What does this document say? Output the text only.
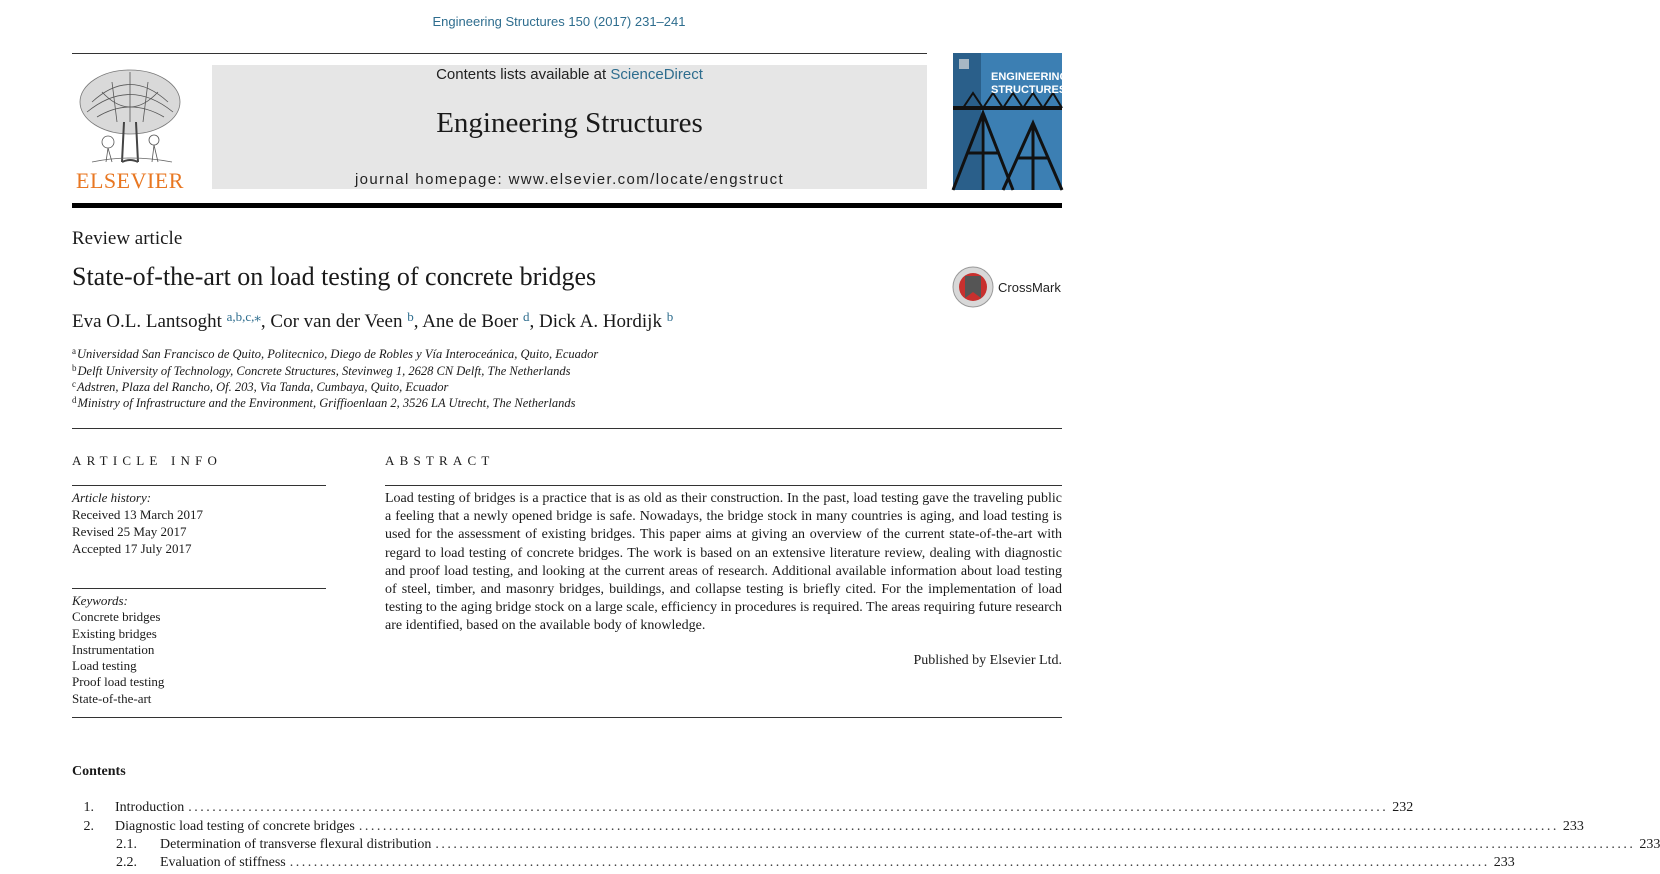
Engineering Structures 150 (2017) 231–241
ELSEVIER
Contents lists available at ScienceDirect
Engineering Structures
journal homepage: www.elsevier.com/locate/engstruct
ENGINEERING
STRUCTURES
Review article
State-of-the-art on load testing of concrete bridges	CrossMark
Eva O.L. Lantsoght $^{a,b,c,⁎}$, Cor van der Veen $^b$, Ane de Boer $^d$, Dick A. Hordijk $^b$
$^a$Universidad San Francisco de Quito, Politecnico, Diego de Robles y Vía Interoceánica, Quito, Ecuador
$^b$Delft University of Technology, Concrete Structures, Stevinweg 1, 2628 CN Delft, The Netherlands
$^c$Adstren, Plaza del Rancho, Of. 203, Via Tanda, Cumbaya, Quito, Ecuador
$^d$Ministry of Infrastructure and the Environment, Griffioenlaan 2, 3526 LA Utrecht, The Netherlands
ARTICLE INFO	ABSTRACT
Article history:
Received 13 March 2017
Revised 25 May 2017
Accepted 17 July 2017
Keywords:
Concrete bridges
Existing bridges
Instrumentation
Load testing
Proof load testing
State-of-the-art
Load testing of bridges is a practice that is as old as their construction. In the past, load testing gave the traveling public a feeling that a newly opened bridge is safe. Nowadays, the bridge stock in many countries is aging, and load testing is used for the assessment of existing bridges. This paper aims at giving an overview of the current state-of-the-art with regard to load testing of concrete bridges. The work is based on an extensive literature review, dealing with diagnostic and proof load testing, and looking at the current areas of research. Additional available information about load testing of steel, timber, and masonry bridges, buildings, and collapse testing is briefly cited. For the implementation of load testing to the aging bridge stock on a large scale, efficiency in procedures is required. The areas requiring future research are identified, based on the available body of knowledge.
Published by Elsevier Ltd.
Contents
1. Introduction ........................................................................................................................................................................................................ 232
2. Diagnostic load testing of concrete bridges ........................................................................................................................................................................................................ 233
2.1.	Determination of transverse flexural distribution ........................................................................................................................................................................................................ 233
2.2.	Evaluation of stiffness ........................................................................................................................................................................................................ 233
